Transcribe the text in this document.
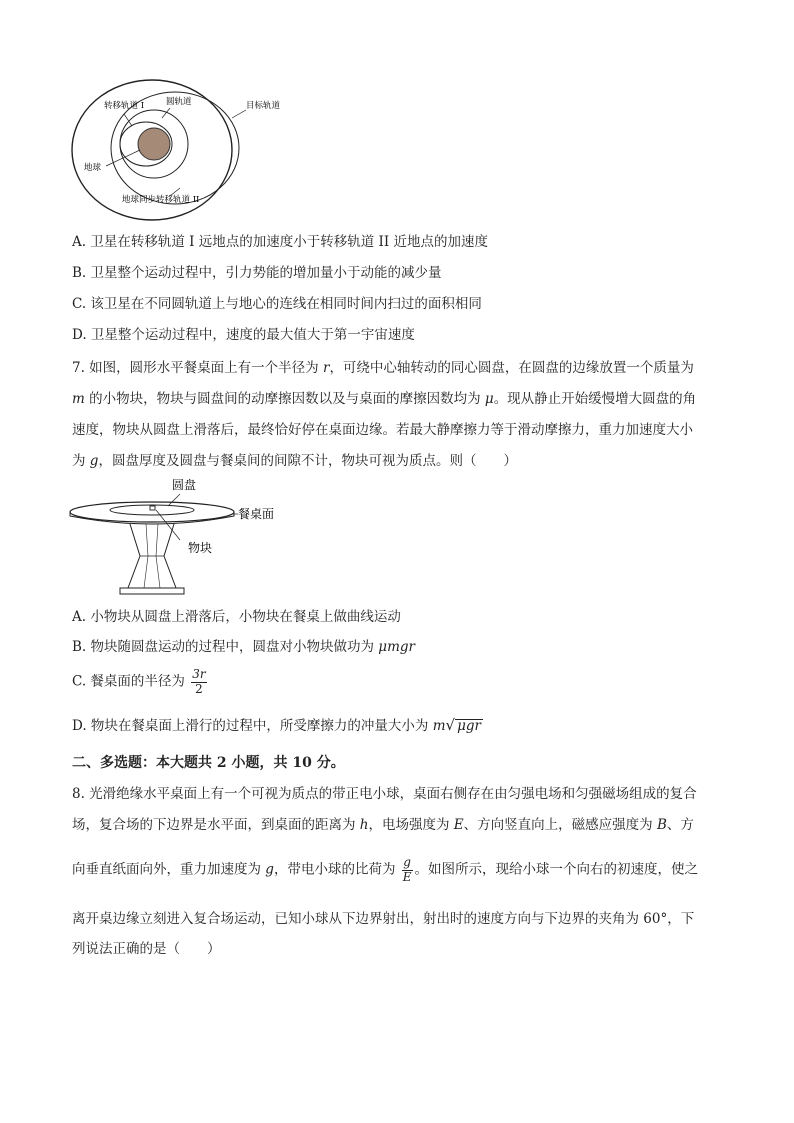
转移轨道 I	圆轨道	目标轨道
地球
地球同步转移轨道 II
A. 卫星在转移轨道 I 远地点的加速度小于转移轨道 II 近地点的加速度
B. 卫星整个运动过程中，引力势能的增加量小于动能的减少量
C. 该卫星在不同圆轨道上与地心的连线在相同时间内扫过的面积相同
D. 卫星整个运动过程中，速度的最大值大于第一宇宙速度
7. 如图，圆形水平餐桌面上有一个半径为 r，可绕中心轴转动的同心圆盘，在圆盘的边缘放置一个质量为
m 的小物块，物块与圆盘间的动摩擦因数以及与桌面的摩擦因数均为 μ。现从静止开始缓慢增大圆盘的角
速度，物块从圆盘上滑落后，最终恰好停在桌面边缘。若最大静摩擦力等于滑动摩擦力，重力加速度大小
为 g，圆盘厚度及圆盘与餐桌间的间隙不计，物块可视为质点。则（　　）
圆盘
餐桌面
物块
A. 小物块从圆盘上滑落后，小物块在餐桌上做曲线运动
B. 物块随圆盘运动的过程中，圆盘对小物块做功为 μmgr
C. 餐桌面的半径为 $\frac{3r}{2}$
D. 物块在餐桌面上滑行的过程中，所受摩擦力的冲量大小为 m√ μgr
二、多选题：本大题共 2 小题，共 10 分。
8. 光滑绝缘水平桌面上有一个可视为质点的带正电小球，桌面右侧存在由匀强电场和匀强磁场组成的复合
场，复合场的下边界是水平面，到桌面的距离为 h，电场强度为 E、方向竖直向上，磁感应强度为 B、方
向垂直纸面向外，重力加速度为 g，带电小球的比荷为 $\frac{g}{E}$ 。如图所示，现给小球一个向右的初速度，使之
离开桌边缘立刻进入复合场运动，已知小球从下边界射出，射出时的速度方向与下边界的夹角为 60°，下
列说法正确的是（　　）
